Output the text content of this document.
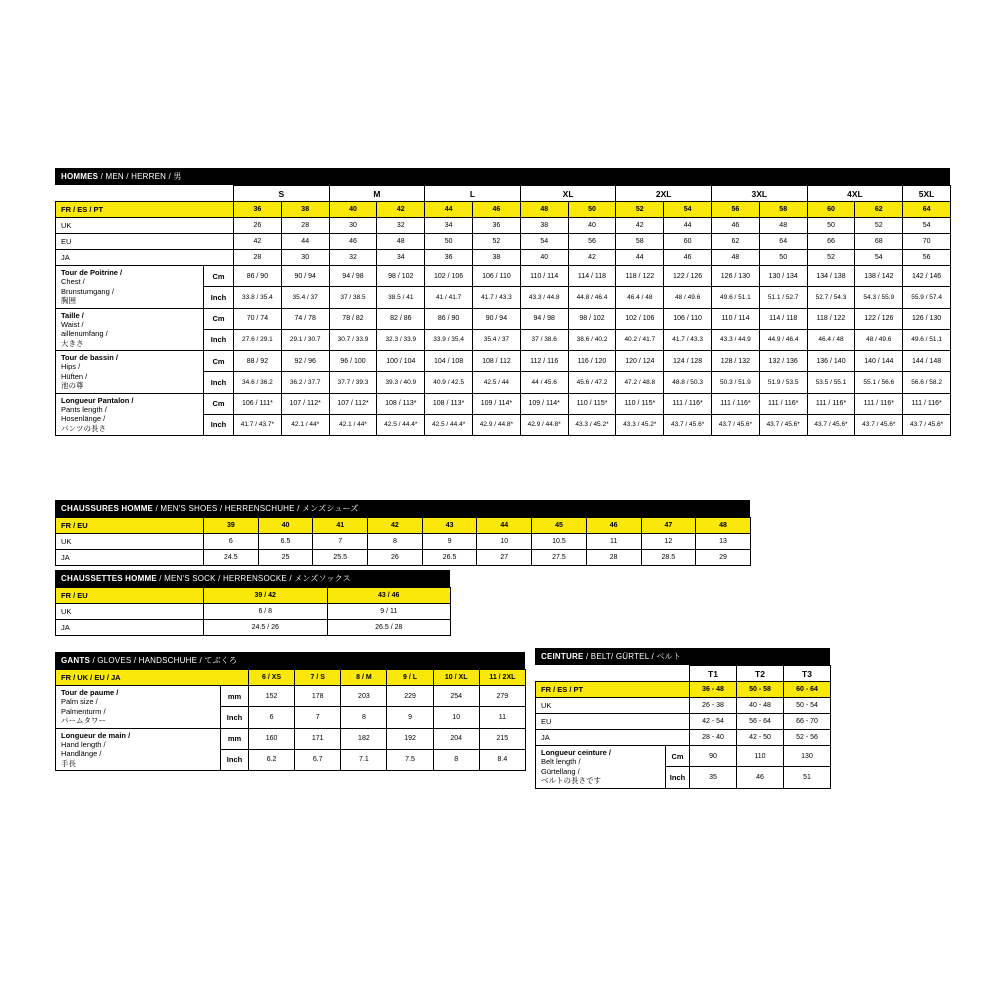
HOMMES / MEN / HERREN / 男
		S		M		L		XL		2XL		3XL		4XL		5XL
FR / ES / PT		36	38	40	42	44	46	48	50	52	54	56	58	60	62	64
UK		26	28	30	32	34	36	38	40	42	44	46	48	50	52	54
EU		42	44	46	48	50	52	54	56	58	60	62	64	66	68	70
JA		28	30	32	34	36	38	40	42	44	46	48	50	52	54	56

Tour de Poitrine /
Chest /
Brunstumgang /
胸囲	Cm	86 / 90	90 / 94	94 / 98	98 / 102	102 / 106	106 / 110	110 / 114	114 / 118	118 / 122	122 / 126	126 / 130	130 / 134	134 / 138	138 / 142	142 / 146
	Inch	33.8 / 35.4	35.4 / 37	37 / 38.5	38.5 / 41	41 / 41.7	41.7 / 43.3	43.3 / 44.8	44.8 / 46.4	46.4 / 48	48 / 49.6	49.6 / 51.1	51.1 / 52.7	52.7 / 54.3	54.3 / 55.9	55.9 / 57.4

Taille /
Waist /
aillenumfang /
大きさ	Cm	70 / 74	74 / 78	78 / 82	82 / 86	86 / 90	90 / 94	94 / 98	98 / 102	102 / 106	106 / 110	110 / 114	114 / 118	118 / 122	122 / 126	126 / 130
	Inch	27.6 / 29.1	29.1 / 30.7	30.7 / 33.9	32.3 / 33.9	33.9 / 35.4	35.4 / 37	37 / 38.6	38.6 / 40.2	40.2 / 41.7	41.7 / 43.3	43.3 / 44.9	44.9 / 46.4	46.4 / 48	48 / 49.6	49.6 / 51.1

Tour de bassin /
Hips /
Hüften /
池の尊	Cm	88 / 92	92 / 96	96 / 100	100 / 104	104 / 108	108 / 112	112 / 116	116 / 120	120 / 124	124 / 128	128 / 132	132 / 136	136 / 140	140 / 144	144 / 148
	Inch	34.6 / 36.2	36.2 / 37.7	37.7 / 39.3	39.3 / 40.9	40.9 / 42.5	42.5 / 44	44 / 45.6	45.6 / 47.2	47.2 / 48.8	48.8 / 50.3	50.3 / 51.9	51.9 / 53.5	53.5 / 55.1	55.1 / 56.6	56.6 / 58.2

Longueur Pantalon /
Pants length /
Hosenlänge /
パンツの長さ	Cm	106 / 111*	107 / 112*	107 / 112*	108 / 113*	108 / 113*	109 / 114*	109 / 114*	110 / 115*	110 / 115*	111 / 116*	111 / 116*	111 / 116*	111 / 116*	111 / 116*	111 / 116*
	Inch	41.7 / 43.7*	42.1 / 44*	42.1 / 44*	42.5 / 44.4*	42.5 / 44.4*	42.9 / 44.8*	42.9 / 44.8*	43.3 / 45.2*	43.3 / 45.2*	43.7 / 45.6*	43.7 / 45.6*	43.7 / 45.6*	43.7 / 45.6*	43.7 / 45.6*	43.7 / 45.6*
CHAUSSURES HOMME / MEN'S SHOES / HERRENSCHUHE / メンズシューズ
FR / EU	39	40	41	42	43	44	45	46	47	48
UK	6	6.5	7	8	9	10	10.5	11	12	13
JA	24.5	25	25.5	26	26.5	27	27.5	28	28.5	29
CHAUSSETTES HOMME / MEN'S SOCK / HERRENSOCKE / メンズソックス
FR / EU	39 / 42	43 / 46
UK	6 / 8	9 / 11
JA	24.5 / 26	26.5 / 28
GANTS / GLOVES / HANDSCHUHE / てぶくろ
FR / UK / EU / JA		6 / XS	7 / S	8 / M	9 / L	10 / XL	11 / 2XL

Tour de paume /
Palm size /
Palmenturm /
パームタワー	mm	152	178	203	229	254	279
	Inch	6	7	8	9	10	11

Longueur de main /
Hand length /
Handlänge /
手長	mm	160	171	182	192	204	215
	Inch	6.2	6.7	7.1	7.5	8	8.4
CEINTURE / BELT/ GÜRTEL / ベルト
		T1	T2	T3
FR / ES / PT		36 - 48	50 - 58	60 - 64
UK		26 - 38	40 - 48	50 - 54
EU		42 - 54	56 - 64	66 - 70
JA		28 - 40	42 - 50	52 - 56

Longueur ceinture /
Belt length /
Gürtellang /
ベルトの長さです	Cm	90	110	130
	Inch	35	46	51
